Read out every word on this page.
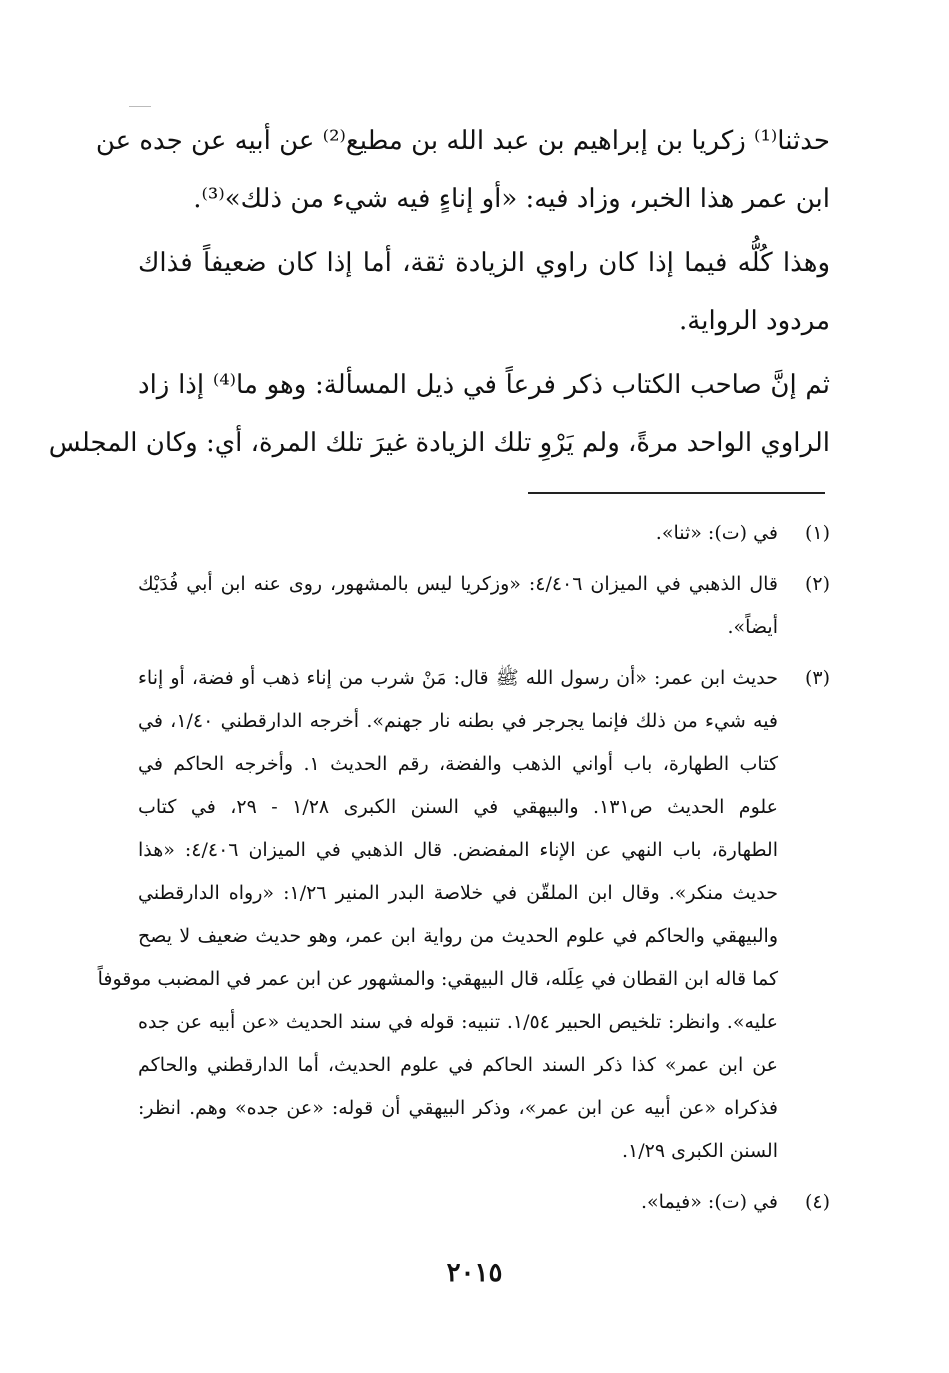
حدثنا⁽¹⁾ زكريا بن إبراهيم بن عبد الله بن مطيع⁽²⁾ عن أبيه عن جده عن
ابن عمر هذا الخبر، وزاد فيه: «أو إناءٍ فيه شيء من ذلك»⁽³⁾.
وهذا كُلُّه فيما إذا كان راوي الزيادة ثقة، أما إذا كان ضعيفاً فذاك
مردود الرواية.
ثم إنَّ صاحب الكتاب ذكر فرعاً في ذيل المسألة: وهو ما⁽⁴⁾ إذا زاد
الراوي الواحد مرةً، ولم يَرْوِ تلك الزيادة غيرَ تلك المرة، أي: وكان المجلس
(١)
في (ت): «ثنا».
(٢)
قال الذهبي في الميزان ٤/٤٠٦: «وزكريا ليس بالمشهور، روى عنه ابن أبي فُدَيْك
أيضاً».
(٣)
حديث ابن عمر: «أن رسول الله ﷺ قال: مَنْ شرب من إناء ذهب أو فضة، أو إناء
فيه شيء من ذلك فإنما يجرجر في بطنه نار جهنم». أخرجه الدارقطني ١/٤٠، في
كتاب الطهارة، باب أواني الذهب والفضة، رقم الحديث ١. وأخرجه الحاكم في
علوم الحديث ص١٣١. والبيهقي في السنن الكبرى ١/٢٨ - ٢٩، في كتاب
الطهارة، باب النهي عن الإناء المفضض. قال الذهبي في الميزان ٤/٤٠٦: «هذا
حديث منكر». وقال ابن الملقّن في خلاصة البدر المنير ١/٢٦: «رواه الدارقطني
والبيهقي والحاكم في علوم الحديث من رواية ابن عمر، وهو حديث ضعيف لا يصح
كما قاله ابن القطان في عِلَله، قال البيهقي: والمشهور عن ابن عمر في المضبب موقوفاً
عليه». وانظر: تلخيص الحبير ١/٥٤. تنبيه: قوله في سند الحديث «عن أبيه عن جده
عن ابن عمر» كذا ذكر السند الحاكم في علوم الحديث، أما الدارقطني والحاكم
فذكراه «عن أبيه عن ابن عمر»، وذكر البيهقي أن قوله: «عن جده» وهم. انظر:
السنن الكبرى ١/٢٩.
(٤)
في (ت): «فيما».
٢٠١٥
